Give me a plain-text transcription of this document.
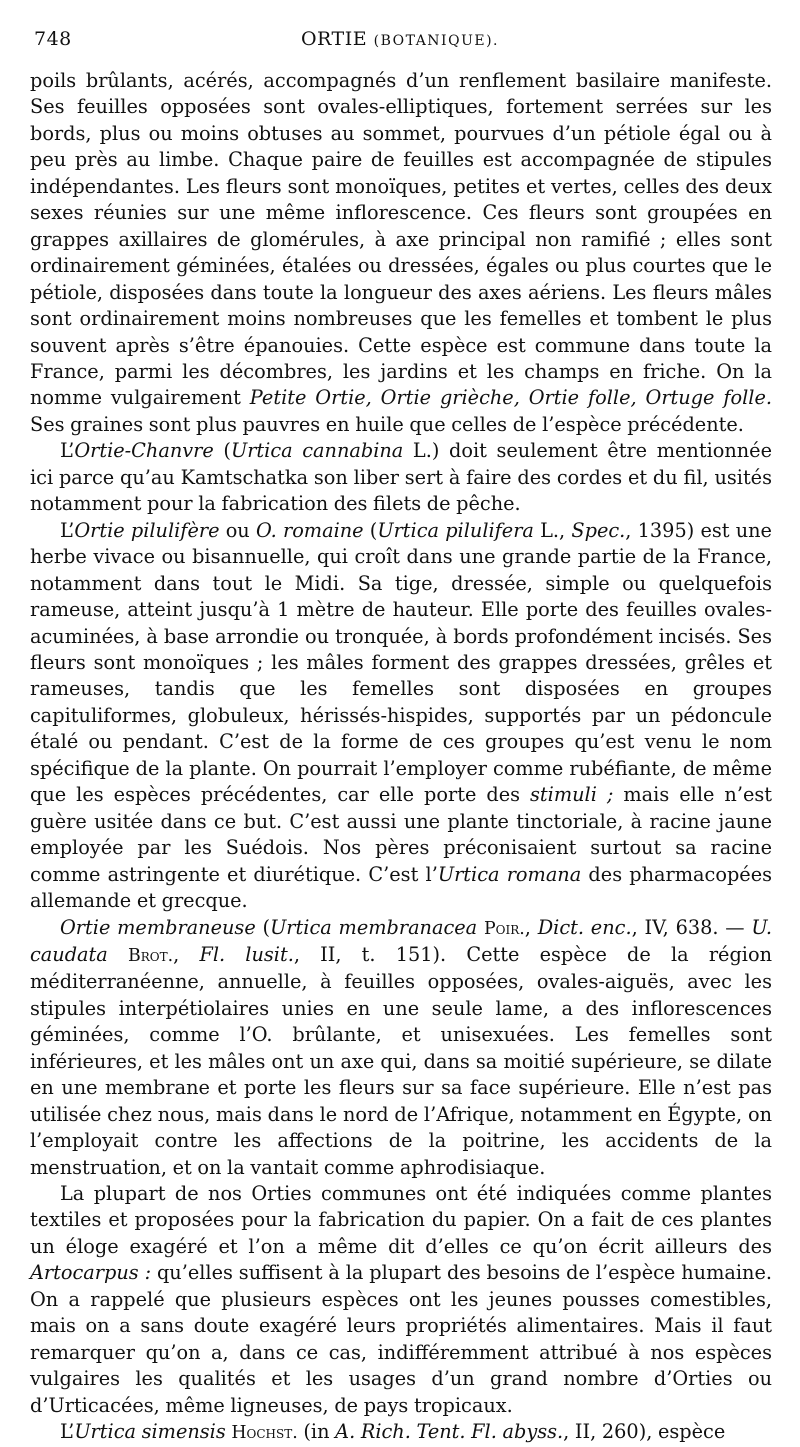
748	ORTIE (BOTANIQUE).

poils brûlants, acérés, accompagnés d’un renflement basilaire manifeste. Ses feuilles opposées sont ovales-elliptiques, fortement serrées sur les bords, plus ou moins obtuses au sommet, pourvues d’un pétiole égal ou à peu près au limbe. Chaque paire de feuilles est accompagnée de stipules indépendantes. Les fleurs sont monoïques, petites et vertes, celles des deux sexes réunies sur une même inflorescence. Ces fleurs sont groupées en grappes axillaires de glomérules, à axe principal non ramifié ; elles sont ordinairement géminées, étalées ou dressées, égales ou plus courtes que le pétiole, disposées dans toute la longueur des axes aériens. Les fleurs mâles sont ordinairement moins nombreuses que les femelles et tombent le plus souvent après s’être épanouies. Cette espèce est commune dans toute la France, parmi les décombres, les jardins et les champs en friche. On la nomme vulgairement Petite Ortie, Ortie grièche, Ortie folle, Ortuge folle. Ses graines sont plus pauvres en huile que celles de l’espèce précédente.

L’Ortie-Chanvre (Urtica cannabina L.) doit seulement être mentionnée ici parce qu’au Kamtschatka son liber sert à faire des cordes et du fil, usités notamment pour la fabrication des filets de pêche.

L’Ortie pilulifère ou O. romaine (Urtica pilulifera L., Spec., 1395) est une herbe vivace ou bisannuelle, qui croît dans une grande partie de la France, notamment dans tout le Midi. Sa tige, dressée, simple ou quelquefois rameuse, atteint jusqu’à 1 mètre de hauteur. Elle porte des feuilles ovales-acuminées, à base arrondie ou tronquée, à bords profondément incisés. Ses fleurs sont monoïques ; les mâles forment des grappes dressées, grêles et rameuses, tandis que les femelles sont disposées en groupes capituliformes, globuleux, hérissés-hispides, supportés par un pédoncule étalé ou pendant. C’est de la forme de ces groupes qu’est venu le nom spécifique de la plante. On pourrait l’employer comme rubéfiante, de même que les espèces précédentes, car elle porte des stimuli ; mais elle n’est guère usitée dans ce but. C’est aussi une plante tinctoriale, à racine jaune employée par les Suédois. Nos pères préconisaient surtout sa racine comme astringente et diurétique. C’est l’Urtica romana des pharmacopées allemande et grecque.

Ortie membraneuse (Urtica membranacea Poir., Dict. enc., IV, 638. — U. caudata Brot., Fl. lusit., II, t. 151). Cette espèce de la région méditerranéenne, annuelle, à feuilles opposées, ovales-aiguës, avec les stipules interpétiolaires unies en une seule lame, a des inflorescences géminées, comme l’O. brûlante, et unisexuées. Les femelles sont inférieures, et les mâles ont un axe qui, dans sa moitié supérieure, se dilate en une membrane et porte les fleurs sur sa face supérieure. Elle n’est pas utilisée chez nous, mais dans le nord de l’Afrique, notamment en Égypte, on l’employait contre les affections de la poitrine, les accidents de la menstruation, et on la vantait comme aphrodisiaque.

La plupart de nos Orties communes ont été indiquées comme plantes textiles et proposées pour la fabrication du papier. On a fait de ces plantes un éloge exagéré et l’on a même dit d’elles ce qu’on écrit ailleurs des Artocarpus : qu’elles suffisent à la plupart des besoins de l’espèce humaine. On a rappelé que plusieurs espèces ont les jeunes pousses comestibles, mais on a sans doute exagéré leurs propriétés alimentaires. Mais il faut remarquer qu’on a, dans ce cas, indifféremment attribué à nos espèces vulgaires les qualités et les usages d’un grand nombre d’Orties ou d’Urticacées, même ligneuses, de pays tropicaux.

L’Urtica simensis Hochst. (in A. Rich. Tent. Fl. abyss., II, 260), espèce
